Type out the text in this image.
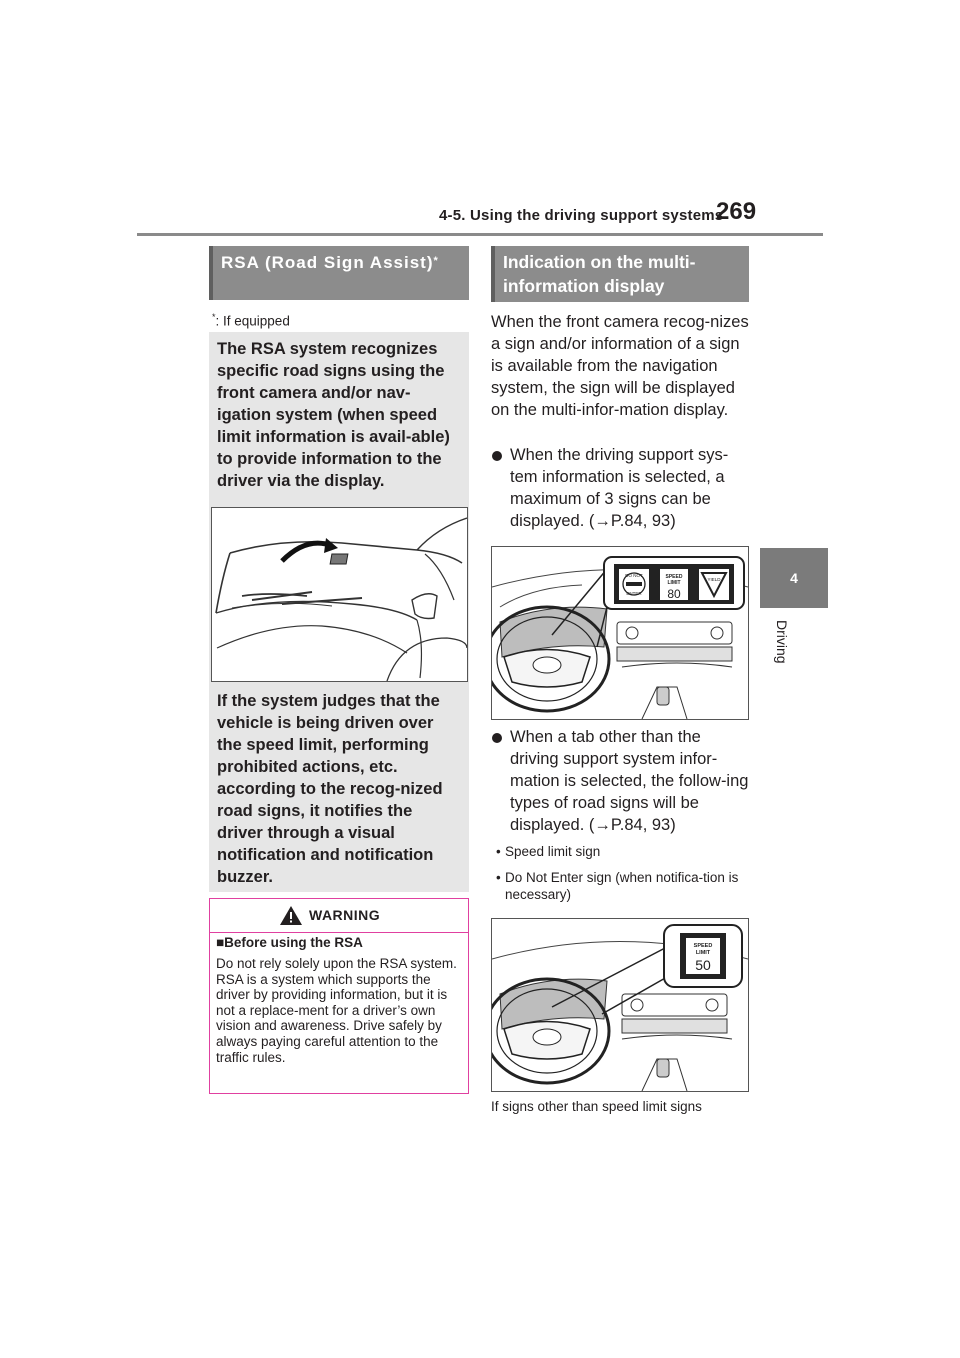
4-5. Using the driving support systems
269
4
Driving
RSA (Road Sign Assist)*
*: If equipped

The RSA system recognizes specific road signs using the front camera and/or nav-igation system (when speed limit information is avail-able) to provide information to the driver via the display.

If the system judges that the vehicle is being driven over the speed limit, performing prohibited actions, etc. according to the recog-nized road signs, it notifies the driver through a visual notification and notification buzzer.

WARNING
■Before using the RSA

Do not rely solely upon the RSA system. RSA is a system which supports the driver by providing information, but it is not a replace-ment for a driver’s own vision and awareness. Drive safely by always paying careful attention to the traffic rules.

Indication on the multi-information display

When the front camera recog-nizes a sign and/or information of a sign is available from the navigation system, the sign will be displayed on the multi-infor-mation display.

When the driving support sys-tem information is selected, a maximum of 3 signs can be displayed. (→P.84, 93)
DO NOT
ENTER
SPEED
LIMIT
80
YIELD
When a tab other than the driving support system infor-mation is selected, the follow-ing types of road signs will be displayed. (→P.84, 93)
• Speed limit sign
• Do Not Enter sign (when notifica-tion is necessary)
SPEED
LIMIT
50
If signs other than speed limit signs
